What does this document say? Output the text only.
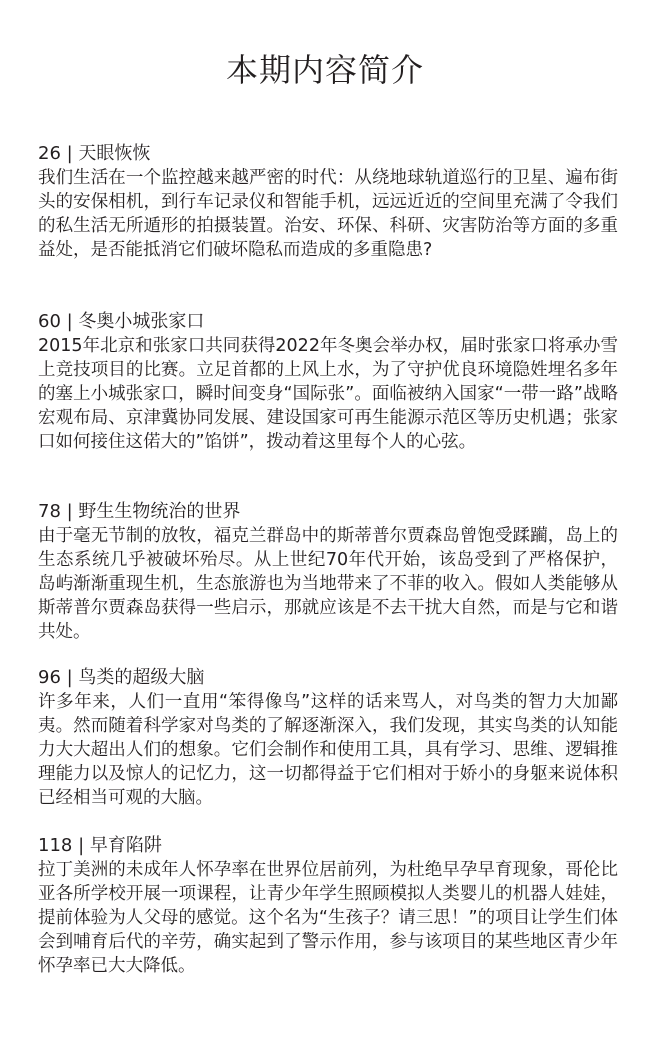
本期内容简介
26 | 天眼恢恢

我们生活在一个监控越来越严密的时代：从绕地球轨道巡行的卫星、遍布街头的安保相机，到行车记录仪和智能手机，远远近近的空间里充满了令我们的私生活无所遁形的拍摄装置。治安、环保、科研、灾害防治等方面的多重益处，是否能抵消它们破坏隐私而造成的多重隐患?

60 | 冬奥小城张家口

2015年北京和张家口共同获得2022年冬奥会举办权，届时张家口将承办雪上竞技项目的比赛。立足首都的上风上水，为了守护优良环境隐姓埋名多年的塞上小城张家口，瞬时间变身“国际张”。面临被纳入国家“一带一路”战略宏观布局、京津冀协同发展、建设国家可再生能源示范区等历史机遇；张家口如何接住这偌大的”馅饼”，拨动着这里每个人的心弦。

78 | 野生生物统治的世界

由于毫无节制的放牧，福克兰群岛中的斯蒂普尔贾森岛曾饱受蹂躏，岛上的生态系统几乎被破坏殆尽。从上世纪70年代开始，该岛受到了严格保护，岛屿渐渐重现生机，生态旅游也为当地带来了不菲的收入。假如人类能够从斯蒂普尔贾森岛获得一些启示，那就应该是不去干扰大自然，而是与它和谐共处。

96 | 鸟类的超级大脑

许多年来，人们一直用“笨得像鸟”这样的话来骂人，对鸟类的智力大加鄙夷。然而随着科学家对鸟类的了解逐渐深入，我们发现，其实鸟类的认知能力大大超出人们的想象。它们会制作和使用工具，具有学习、思维、逻辑推理能力以及惊人的记忆力，这一切都得益于它们相对于娇小的身躯来说体积已经相当可观的大脑。

118 | 早育陷阱

拉丁美洲的未成年人怀孕率在世界位居前列，为杜绝早孕早育现象，哥伦比亚各所学校开展一项课程，让青少年学生照顾模拟人类婴儿的机器人娃娃，提前体验为人父母的感觉。这个名为“生孩子？请三思！”的项目让学生们体会到哺育后代的辛劳，确实起到了警示作用，参与该项目的某些地区青少年怀孕率已大大降低。
